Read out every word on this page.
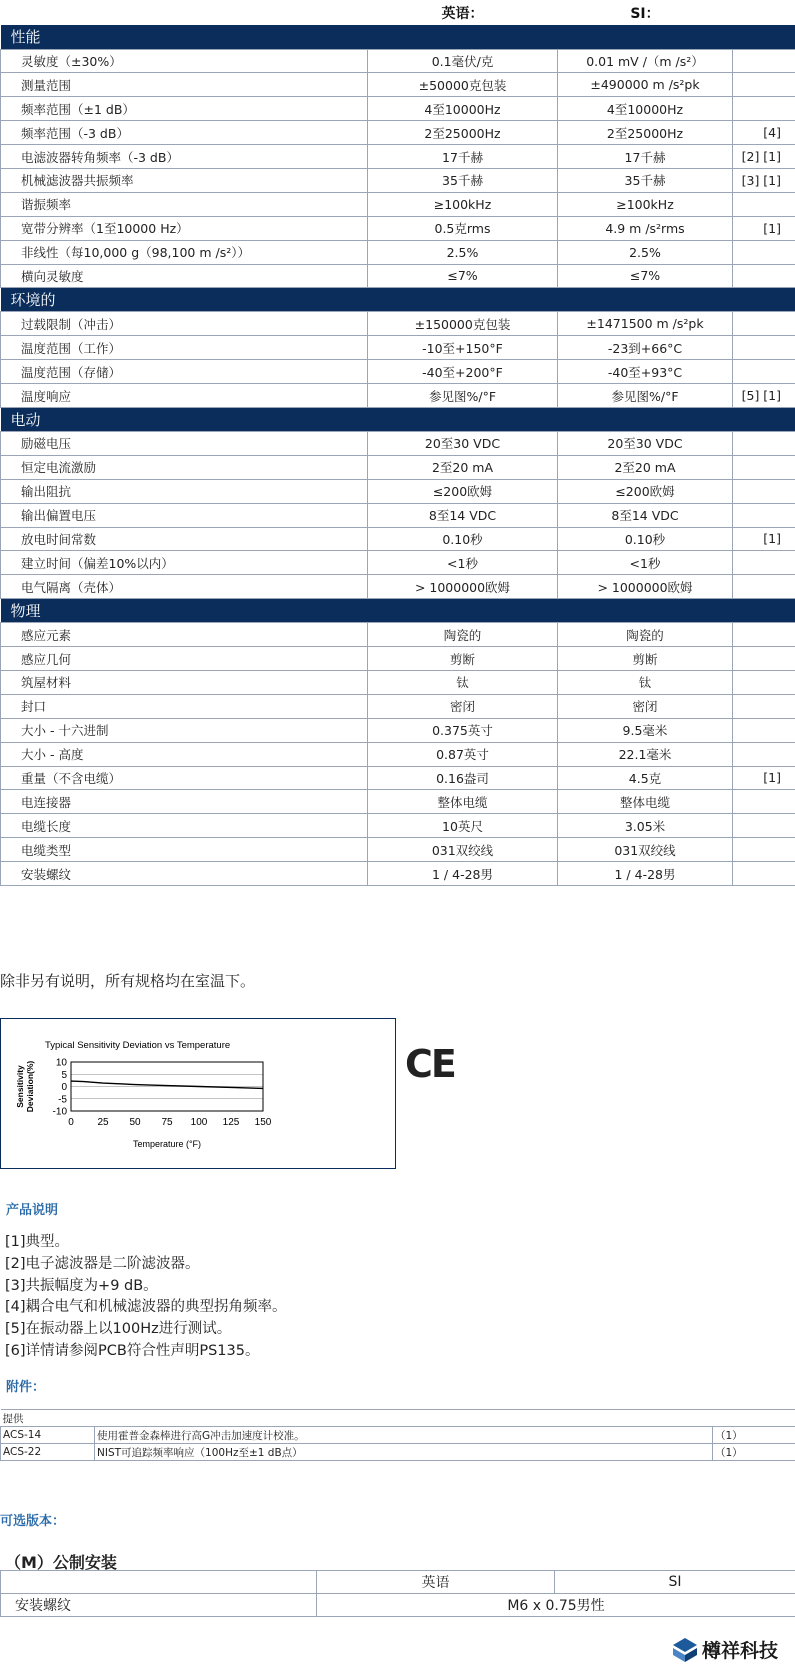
	英语：	SI：	
性能			
灵敏度（±30%）	0.1毫伏/克	0.01 mV /（m /s²）	
测量范围	±50000克包装	±490000 m /s²pk	
频率范围（±1 dB）	4至10000Hz	4至10000Hz	
频率范围（-3 dB）	2至25000Hz	2至25000Hz	[4]
电滤波器转角频率（-3 dB）	17千赫	17千赫	[2] [1]
机械滤波器共振频率	35千赫	35千赫	[3] [1]
谐振频率	≥100kHz	≥100kHz	
宽带分辨率（1至10000 Hz）	0.5克rms	4.9 m /s²rms	[1]
非线性（每10,000 g（98,100 m /s²））	2.5%	2.5%	
横向灵敏度	≤7%	≤7%	
环境的			
过载限制（冲击）	±150000克包装	±1471500 m /s²pk	
温度范围（工作）	-10至+150°F	-23到+66°C	
温度范围（存储）	-40至+200°F	-40至+93°C	
温度响应	参见图%/°F	参见图%/°F	[5] [1]
电动			
励磁电压	20至30 VDC	20至30 VDC	
恒定电流激励	2至20 mA	2至20 mA	
输出阻抗	≤200欧姆	≤200欧姆	
输出偏置电压	8至14 VDC	8至14 VDC	
放电时间常数	0.10秒	0.10秒	[1]
建立时间（偏差10%以内）	<1秒	<1秒	
电气隔离（壳体）	> 1000000欧姆	> 1000000欧姆	
物理			
感应元素	陶瓷的	陶瓷的	
感应几何	剪断	剪断	
筑屋材料	钛	钛	
封口	密闭	密闭	
大小 - 十六进制	0.375英寸	9.5毫米	
大小 - 高度	0.87英寸	22.1毫米	
重量（不含电缆）	0.16盎司	4.5克	[1]
电连接器	整体电缆	整体电缆	
电缆长度	10英尺	3.05米	
电缆类型	031双绞线	031双绞线	
安装螺纹	1 / 4-28男	1 / 4-28男	
除非另有说明，所有规格均在室温下。
Typical Sensitivity Deviation vs Temperature
10
5
0
-5
-10
0 25 50 75 100 125 150
Temperature (°F)
Sensitivity Deviation(%)	CE
产品说明
[1]典型。
[2]电子滤波器是二阶滤波器。
[3]共振幅度为+9 dB。
[4]耦合电气和机械滤波器的典型拐角频率。
[5]在振动器上以100Hz进行测试。
[6]详情请参阅PCB符合性声明PS135。
附件：
提供		
ACS-14	使用霍普金森棒进行高G冲击加速度计校准。	（1）
ACS-22	NIST可追踪频率响应（100Hz至±1 dB点）	（1）
可选版本：
（M）公制安装
	英语	SI
安装螺纹	M6 x 0.75男性	
樽祥科技
